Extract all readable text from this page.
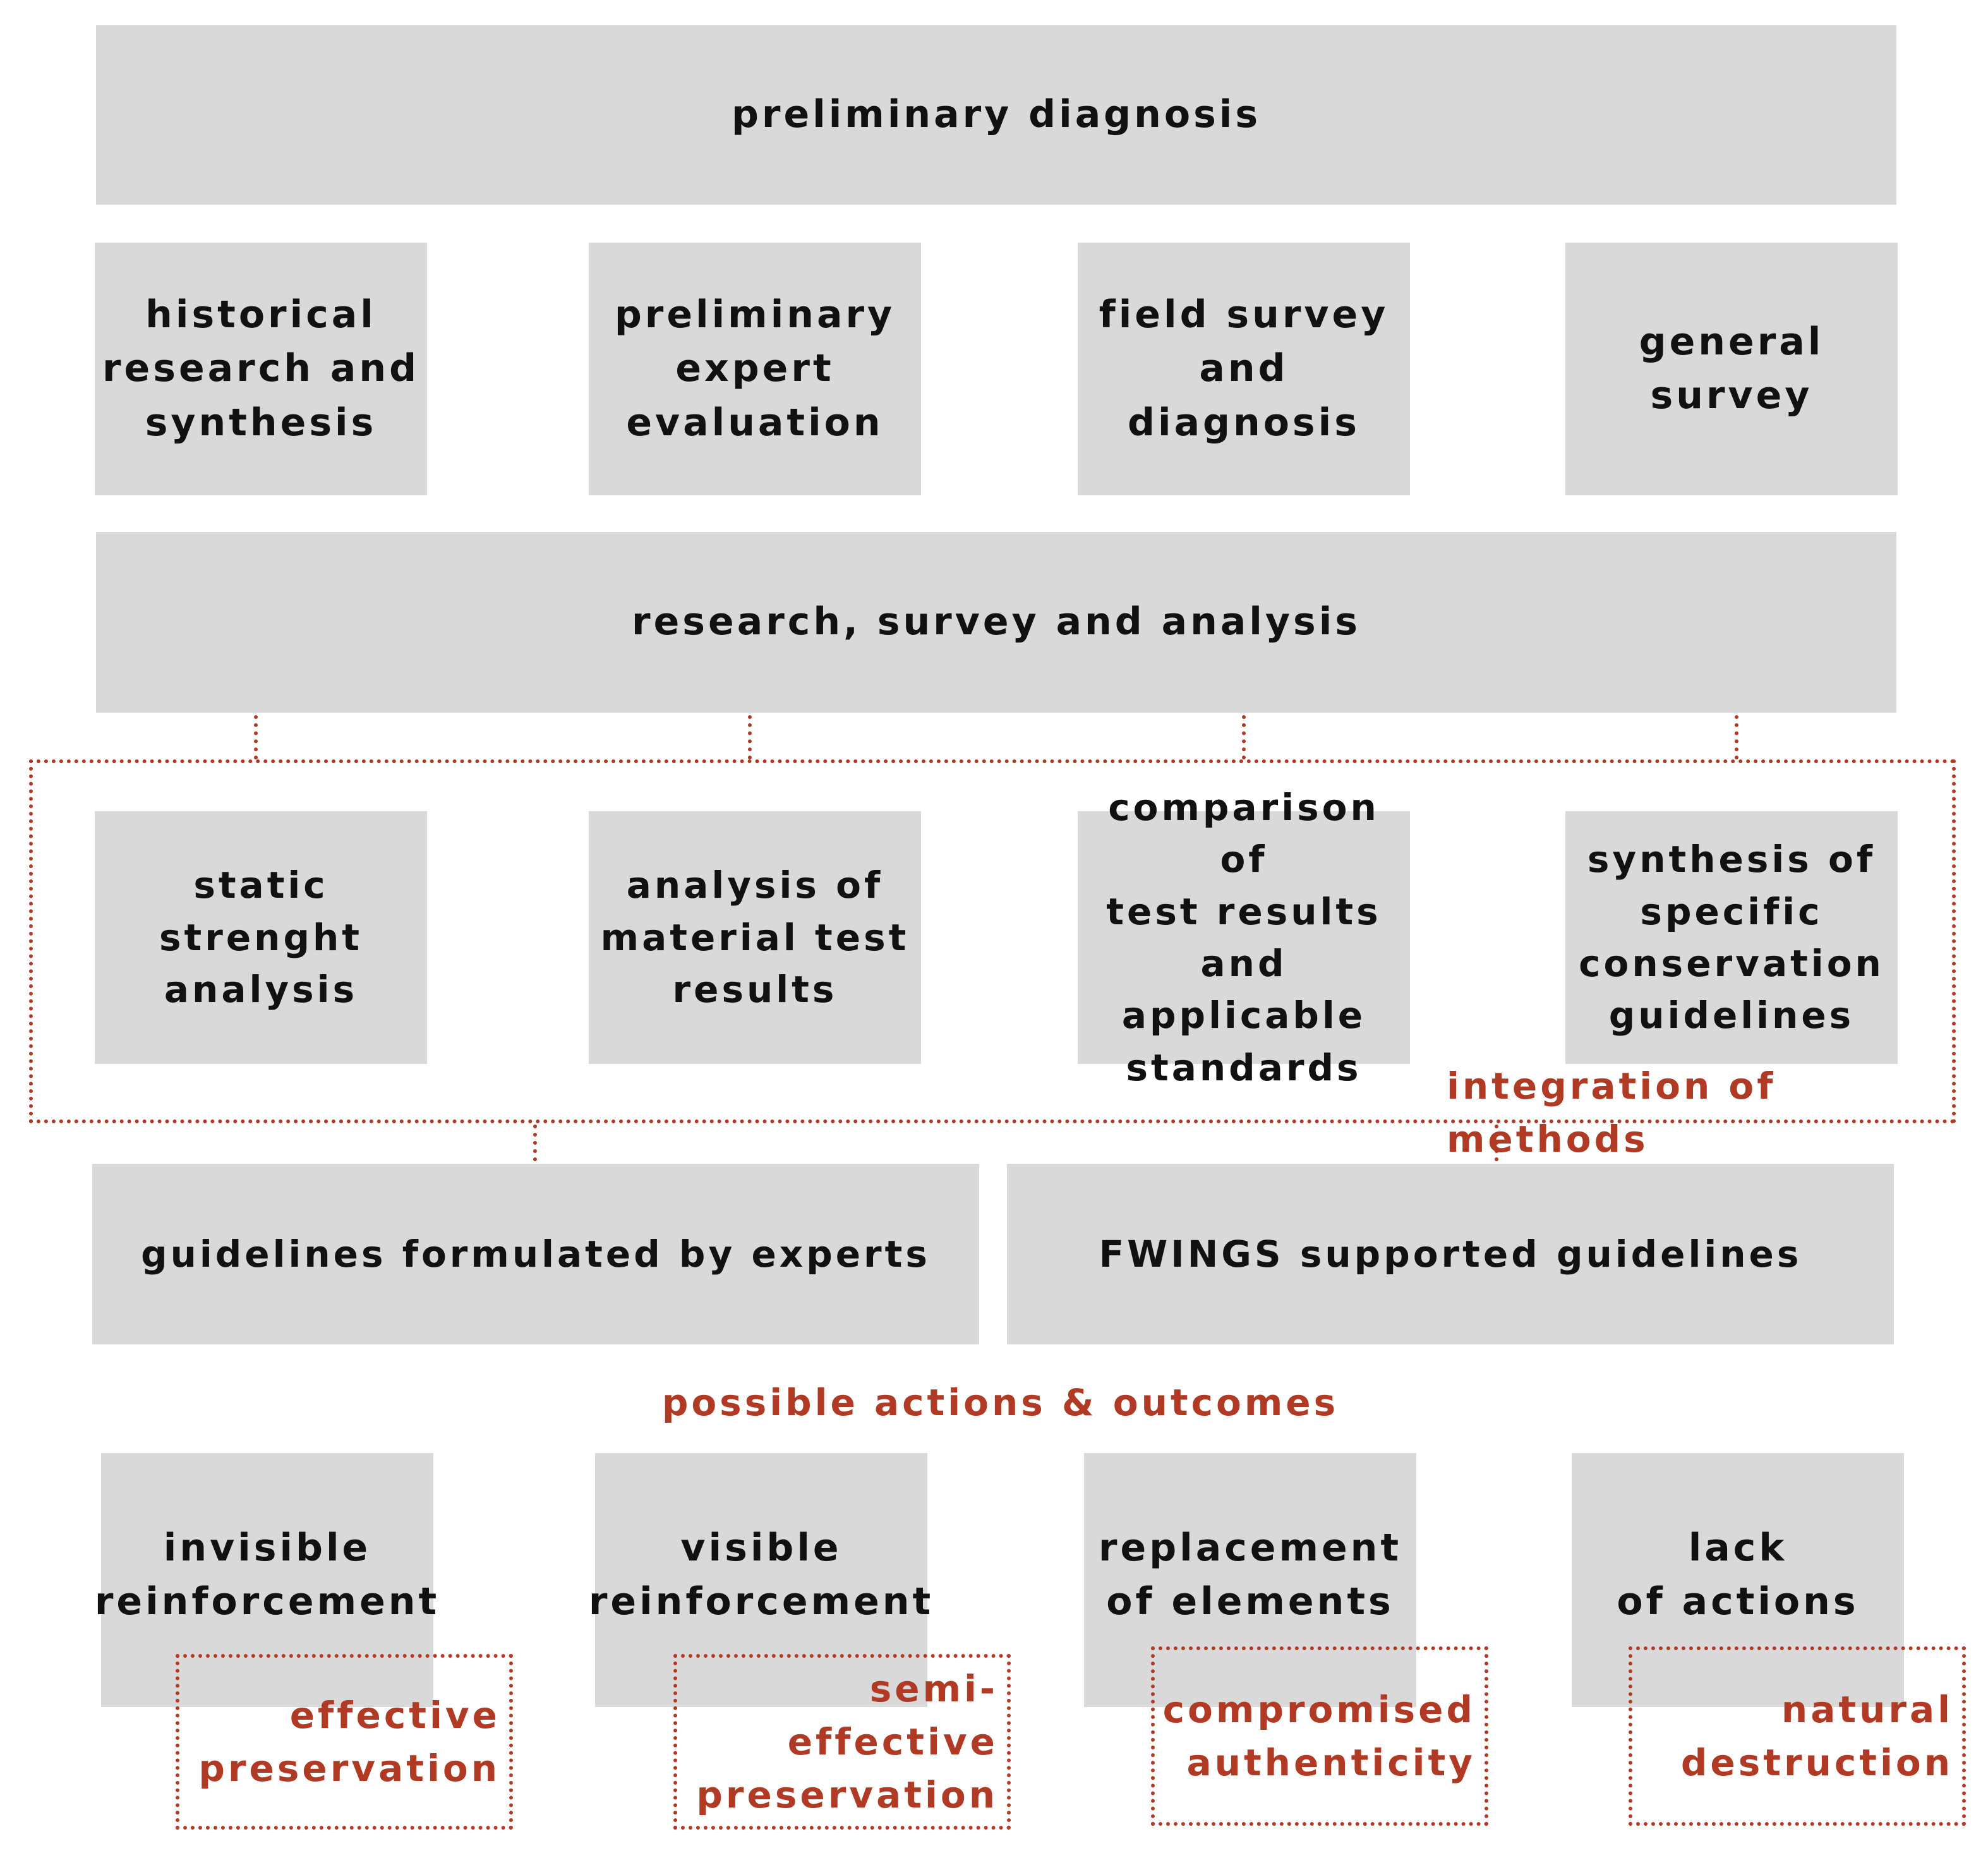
preliminary diagnosis
historical
research and
synthesis
preliminary
expert
evaluation
field survey
and diagnosis
general survey
research, survey and analysis
static strenght
analysis
analysis of
material test
results
comparison of
test results
and applicable
standards
synthesis of
specific
conservation
guidelines
integration of methods
guidelines formulated by experts	FWINGS supported guidelines
possible actions & outcomes
invisible
reinforcement
visible
reinforcement
replacement
of elements
lack
of actions
effective
preservation
semi-effective
preservation
compromised
authenticity
natural
destruction
